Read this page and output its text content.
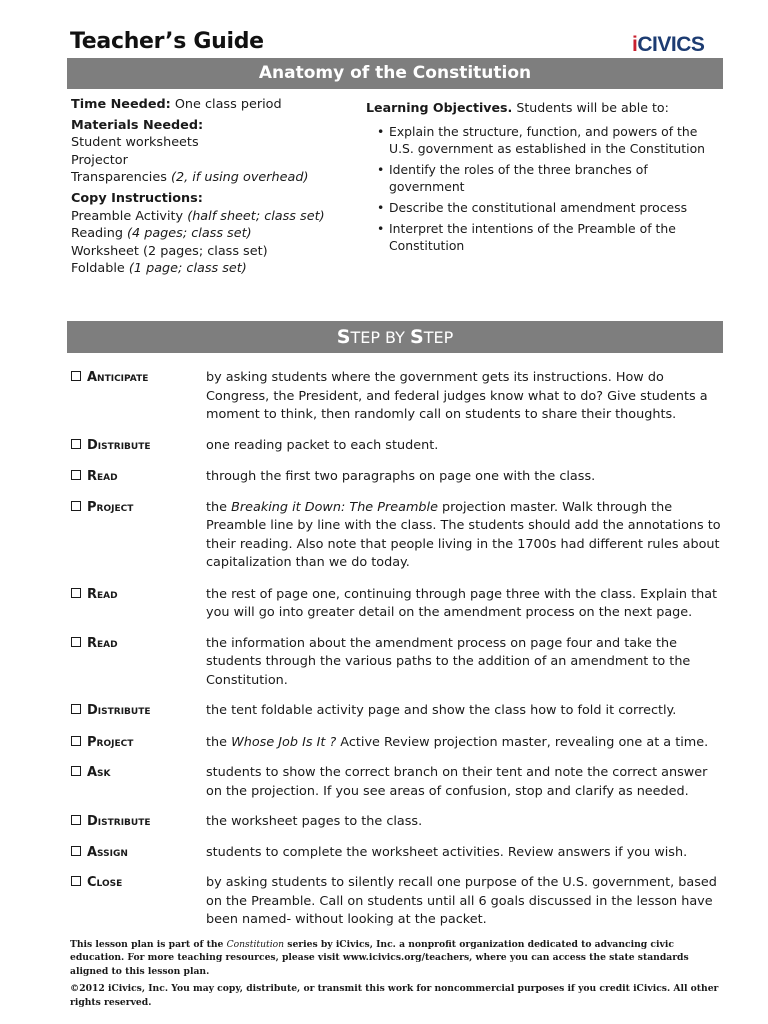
Teacher’s Guide	iCIVICS
Anatomy of the Constitution
Time Needed: One class period
Materials Needed:
Student worksheets
Projector
Transparencies (2, if using overhead)
Copy Instructions:
Preamble Activity (half sheet; class set)
Reading (4 pages; class set)
Worksheet (2 pages; class set)
Foldable (1 page; class set)
Learning Objectives. Students will be able to:
• Explain the structure, function, and powers of the U.S. government as established in the Constitution
• Identify the roles of the three branches of government
• Describe the constitutional amendment process
• Interpret the intentions of the Preamble of the Constitution
STEP BY STEP
Anticipate	by asking students where the government gets its instructions. How do Congress, the President, and federal judges know what to do? Give students a moment to think, then randomly call on students to share their thoughts.
Distribute	one reading packet to each student.
Read	through the first two paragraphs on page one with the class.
Project	the Breaking it Down: The Preamble projection master. Walk through the Preamble line by line with the class. The students should add the annotations to their reading. Also note that people living in the 1700s had different rules about capitalization than we do today.
Read	the rest of page one, continuing through page three with the class. Explain that you will go into greater detail on the amendment process on the next page.
Read	the information about the amendment process on page four and take the students through the various paths to the addition of an amendment to the Constitution.
Distribute	the tent foldable activity page and show the class how to fold it correctly.
Project	the Whose Job Is It ? Active Review projection master, revealing one at a time.
Ask	students to show the correct branch on their tent and note the correct answer on the projection. If you see areas of confusion, stop and clarify as needed.
Distribute	the worksheet pages to the class.
Assign	students to complete the worksheet activities. Review answers if you wish.
Close	by asking students to silently recall one purpose of the U.S. government, based on the Preamble. Call on students until all 6 goals discussed in the lesson have been named- without looking at the packet.
This lesson plan is part of the Constitution series by iCivics, Inc. a nonprofit organization dedicated to advancing civic education. For more teaching resources, please visit www.icivics.org/teachers, where you can access the state standards aligned to this lesson plan.
©2012 iCivics, Inc. You may copy, distribute, or transmit this work for noncommercial purposes if you credit iCivics. All other rights reserved.
